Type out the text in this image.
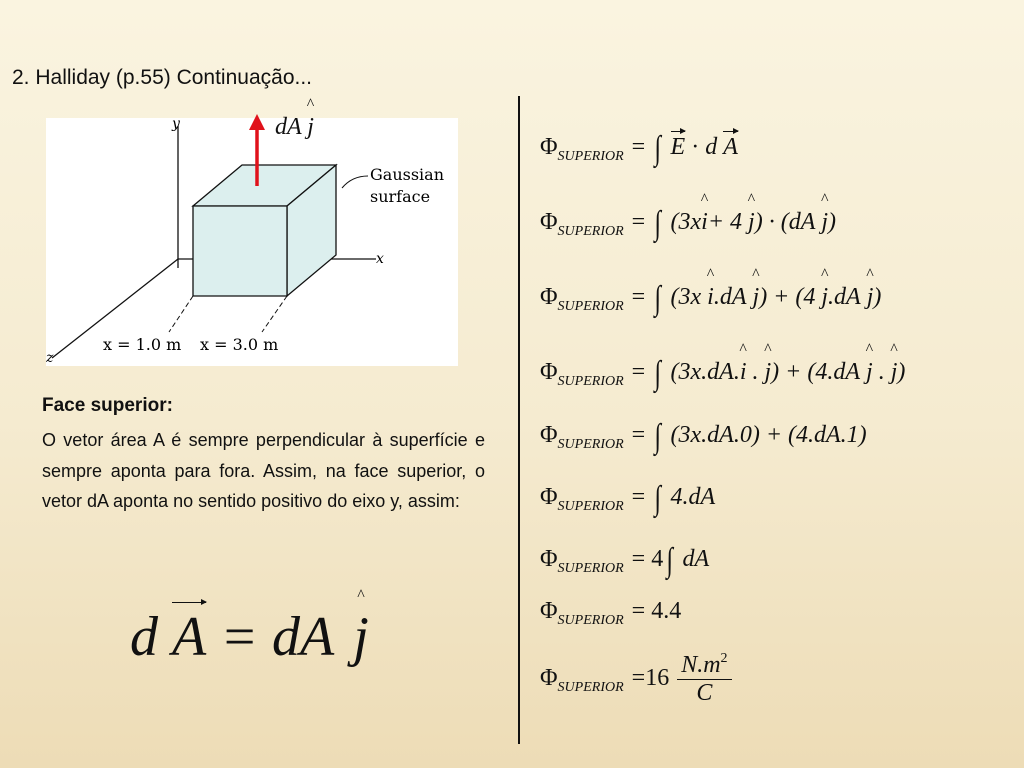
2. Halliday (p.55) Continuação...
y
x
z
Gaussian
surface
x = 1.0 m x = 3.0 m
dA ^ j
Face superior:
O vetor área A é sempre perpendicular à superfície e sempre aponta para fora. Assim, na face superior, o vetor dA aponta no sentido positivo do eixo y, assim:
d A = dA ^ j
$\Phi_{SUPERIOR}$ = ∫ E · d A
$\Phi_{SUPERIOR}$ = ∫ (3x^ i+ 4 ^ j) · (dA ^ j)
$\Phi_{SUPERIOR}$ = ∫ (3x ^ i.dA ^ j) + (4 ^ j.dA ^ j)
$\Phi_{SUPERIOR}$ = ∫ (3x.dA.^ i . ^ j) + (4.dA ^ j . ^ j)
$\Phi_{SUPERIOR}$ = ∫ (3x.dA.0) + (4.dA.1)
$\Phi_{SUPERIOR}$ = ∫ 4.dA
$\Phi_{SUPERIOR} = 4\int$ dA
$\Phi_{SUPERIOR} = 4.4$
$\Phi_{SUPERIOR} =16 \frac{N.m^2}{C}$
